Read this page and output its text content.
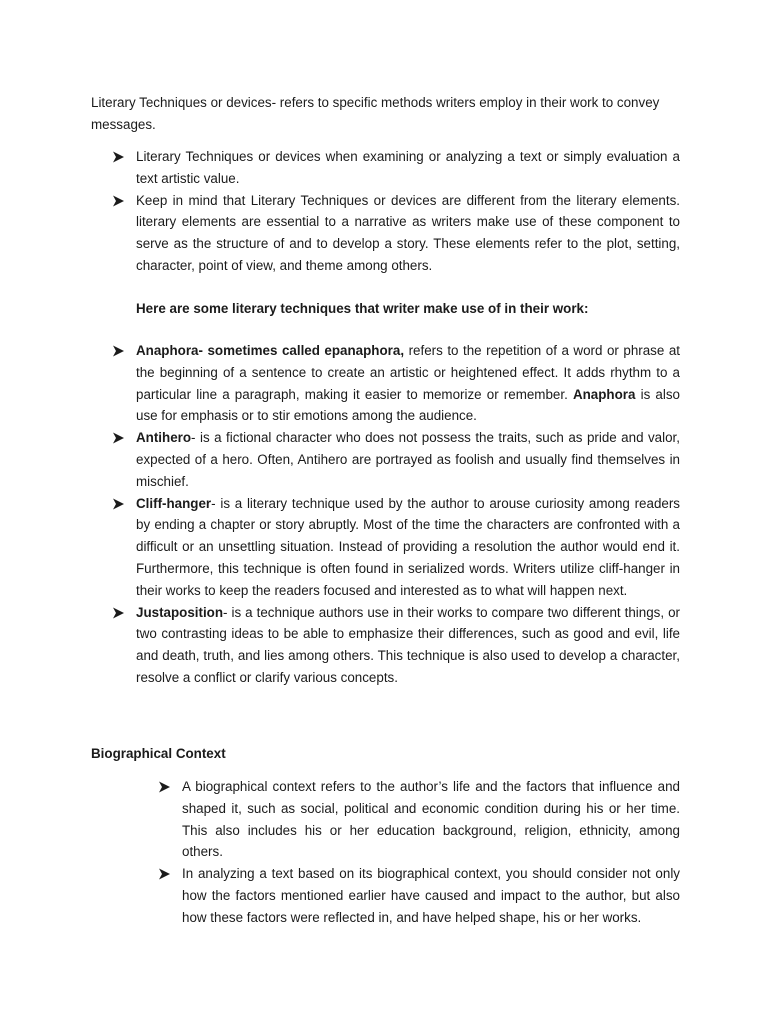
Literary Techniques or devices- refers to specific methods writers employ in their work to convey messages.

Literary Techniques or devices when examining or analyzing a text or simply evaluation a text artistic value.
Keep in mind that Literary Techniques or devices are different from the literary elements. literary elements are essential to a narrative as writers make use of these component to serve as the structure of and to develop a story. These elements refer to the plot, setting, character, point of view, and theme among others.

Here are some literary techniques that writer make use of in their work:

Anaphora- sometimes called epanaphora, refers to the repetition of a word or phrase at the beginning of a sentence to create an artistic or heightened effect. It adds rhythm to a particular line a paragraph, making it easier to memorize or remember. Anaphora is also use for emphasis or to stir emotions among the audience.
Antihero- is a fictional character who does not possess the traits, such as pride and valor, expected of a hero. Often, Antihero are portrayed as foolish and usually find themselves in mischief.
Cliff-hanger- is a literary technique used by the author to arouse curiosity among readers by ending a chapter or story abruptly. Most of the time the characters are confronted with a difficult or an unsettling situation. Instead of providing a resolution the author would end it. Furthermore, this technique is often found in serialized words. Writers utilize cliff-hanger in their works to keep the readers focused and interested as to what will happen next.
Justaposition- is a technique authors use in their works to compare two different things, or two contrasting ideas to be able to emphasize their differences, such as good and evil, life and death, truth, and lies among others. This technique is also used to develop a character, resolve a conflict or clarify various concepts.

Biographical Context

A biographical context refers to the author’s life and the factors that influence and shaped it, such as social, political and economic condition during his or her time. This also includes his or her education background, religion, ethnicity, among others.
In analyzing a text based on its biographical context, you should consider not only how the factors mentioned earlier have caused and impact to the author, but also how these factors were reflected in, and have helped shape, his or her works.
